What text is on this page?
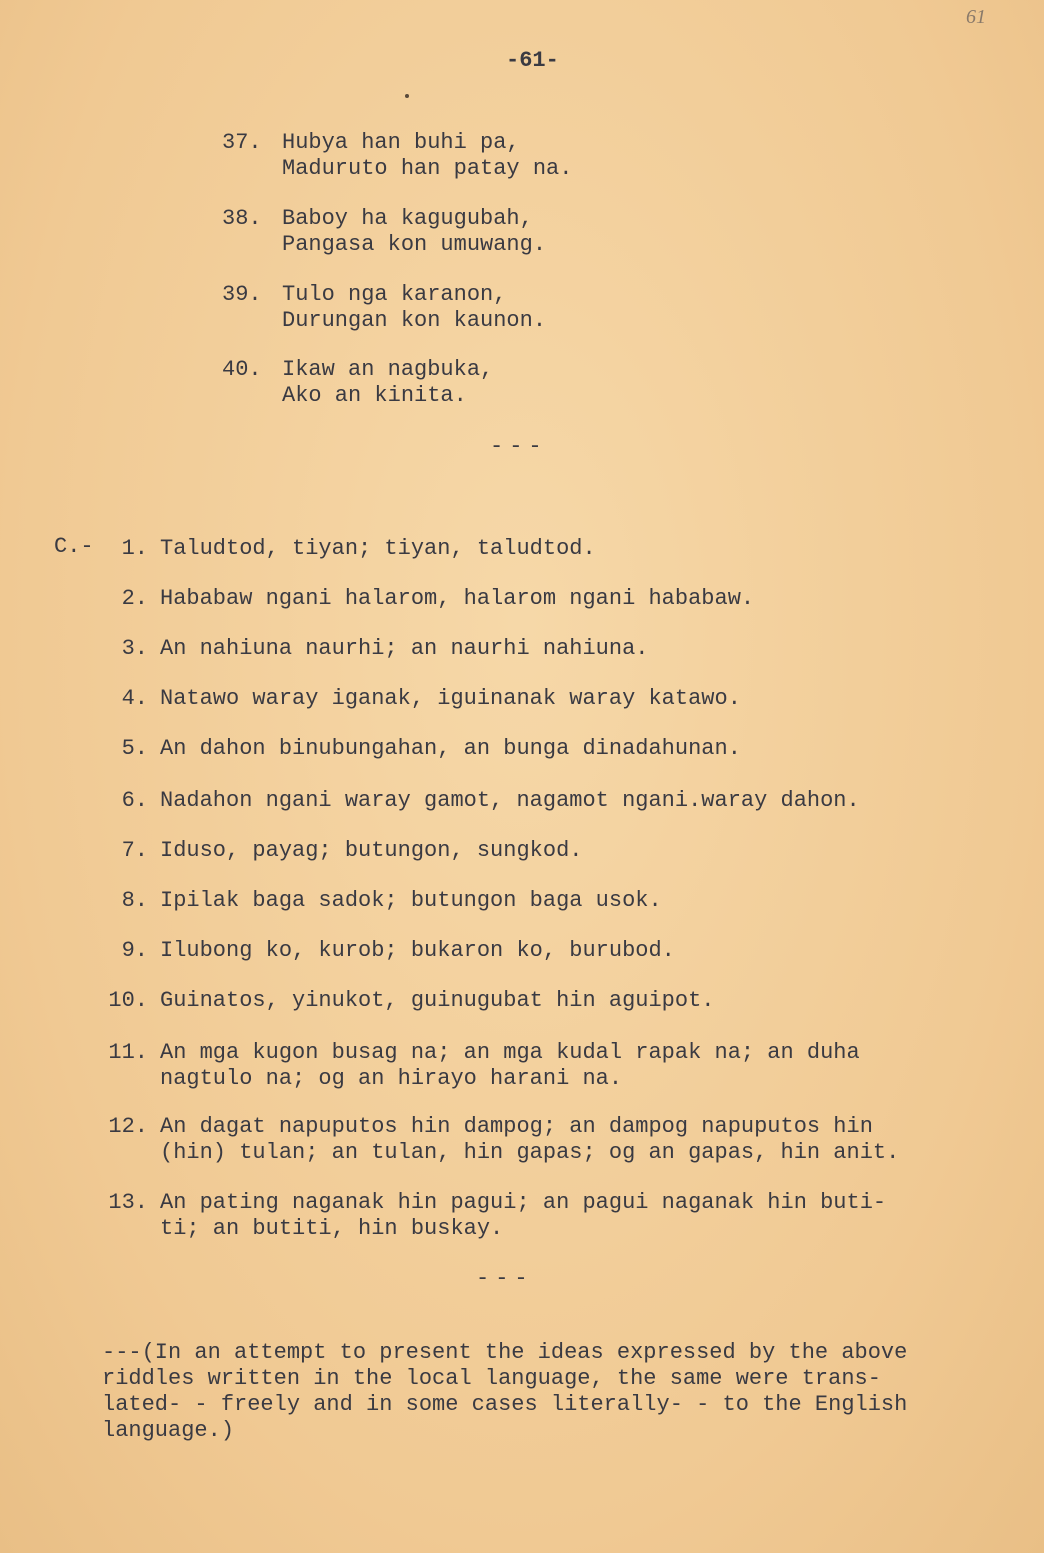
61
-61-
37. Hubya han buhi pa,
Maduruto han patay na.
38. Baboy ha kagugubah,
Pangasa kon umuwang.
39. Tulo nga karanon,
Durungan kon kaunon.
40. Ikaw an nagbuka,
Ako an kinita.
---
C.-	1. Taludtod, tiyan; tiyan, taludtod.
2. Hababaw ngani halarom, halarom ngani hababaw.
3. An nahiuna naurhi; an naurhi nahiuna.
4. Natawo waray iganak, iguinanak waray katawo.
5. An dahon binubungahan, an bunga dinadahunan.
6. Nadahon ngani waray gamot, nagamot ngani.waray dahon.
7. Iduso, payag; butungon, sungkod.
8. Ipilak baga sadok; butungon baga usok.
9. Ilubong ko, kurob; bukaron ko, burubod.
10. Guinatos, yinukot, guinugubat hin aguipot.
11. An mga kugon busag na; an mga kudal rapak na; an duha
nagtulo na; og an hirayo harani na.
12. An dagat napuputos hin dampog; an dampog napuputos hin
(hin) tulan; an tulan, hin gapas; og an gapas, hin anit.
13. An pating naganak hin pagui; an pagui naganak hin buti-
ti; an butiti, hin buskay.
---
---(In an attempt to present the ideas expressed by the above
riddles written in the local language, the same were trans-
lated- - freely and in some cases literally- - to the English
language.)
